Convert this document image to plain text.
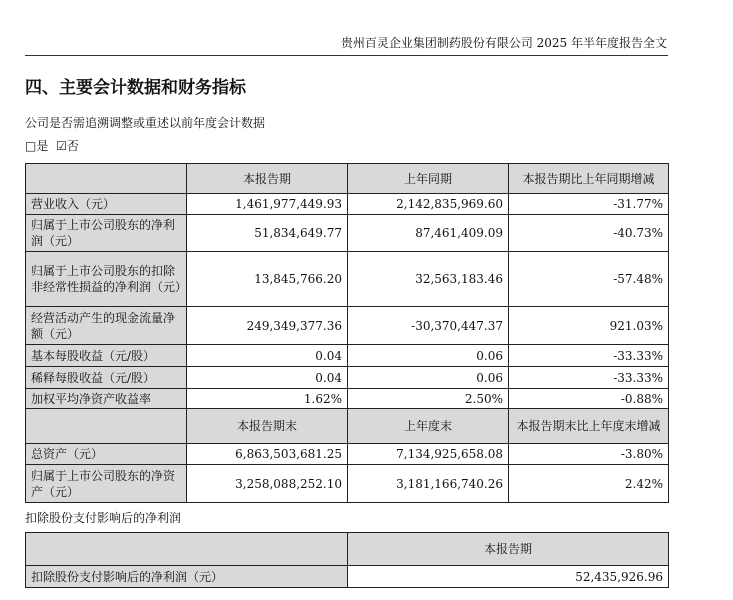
贵州百灵企业集团制药股份有限公司 2025 年半年度报告全文
四、主要会计数据和财务指标
公司是否需追溯调整或重述以前年度会计数据
□是 ☑否
	本报告期	上年同期	本报告期比上年同期增减
营业收入（元）	1,461,977,449.93	2,142,835,969.60	-31.77%
归属于上市公司股东的净利润（元）	51,834,649.77	87,461,409.09	-40.73%
归属于上市公司股东的扣除非经常性损益的净利润（元）	13,845,766.20	32,563,183.46	-57.48%
经营活动产生的现金流量净额（元）	249,349,377.36	-30,370,447.37	921.03%
基本每股收益（元/股）	0.04	0.06	-33.33%
稀释每股收益（元/股）	0.04	0.06	-33.33%
加权平均净资产收益率	1.62%	2.50%	-0.88%
	本报告期末	上年度末	本报告期末比上年度末增减
总资产（元）	6,863,503,681.25	7,134,925,658.08	-3.80%
归属于上市公司股东的净资产（元）	3,258,088,252.10	3,181,166,740.26	2.42%
扣除股份支付影响后的净利润
	本报告期
扣除股份支付影响后的净利润（元）	52,435,926.96
